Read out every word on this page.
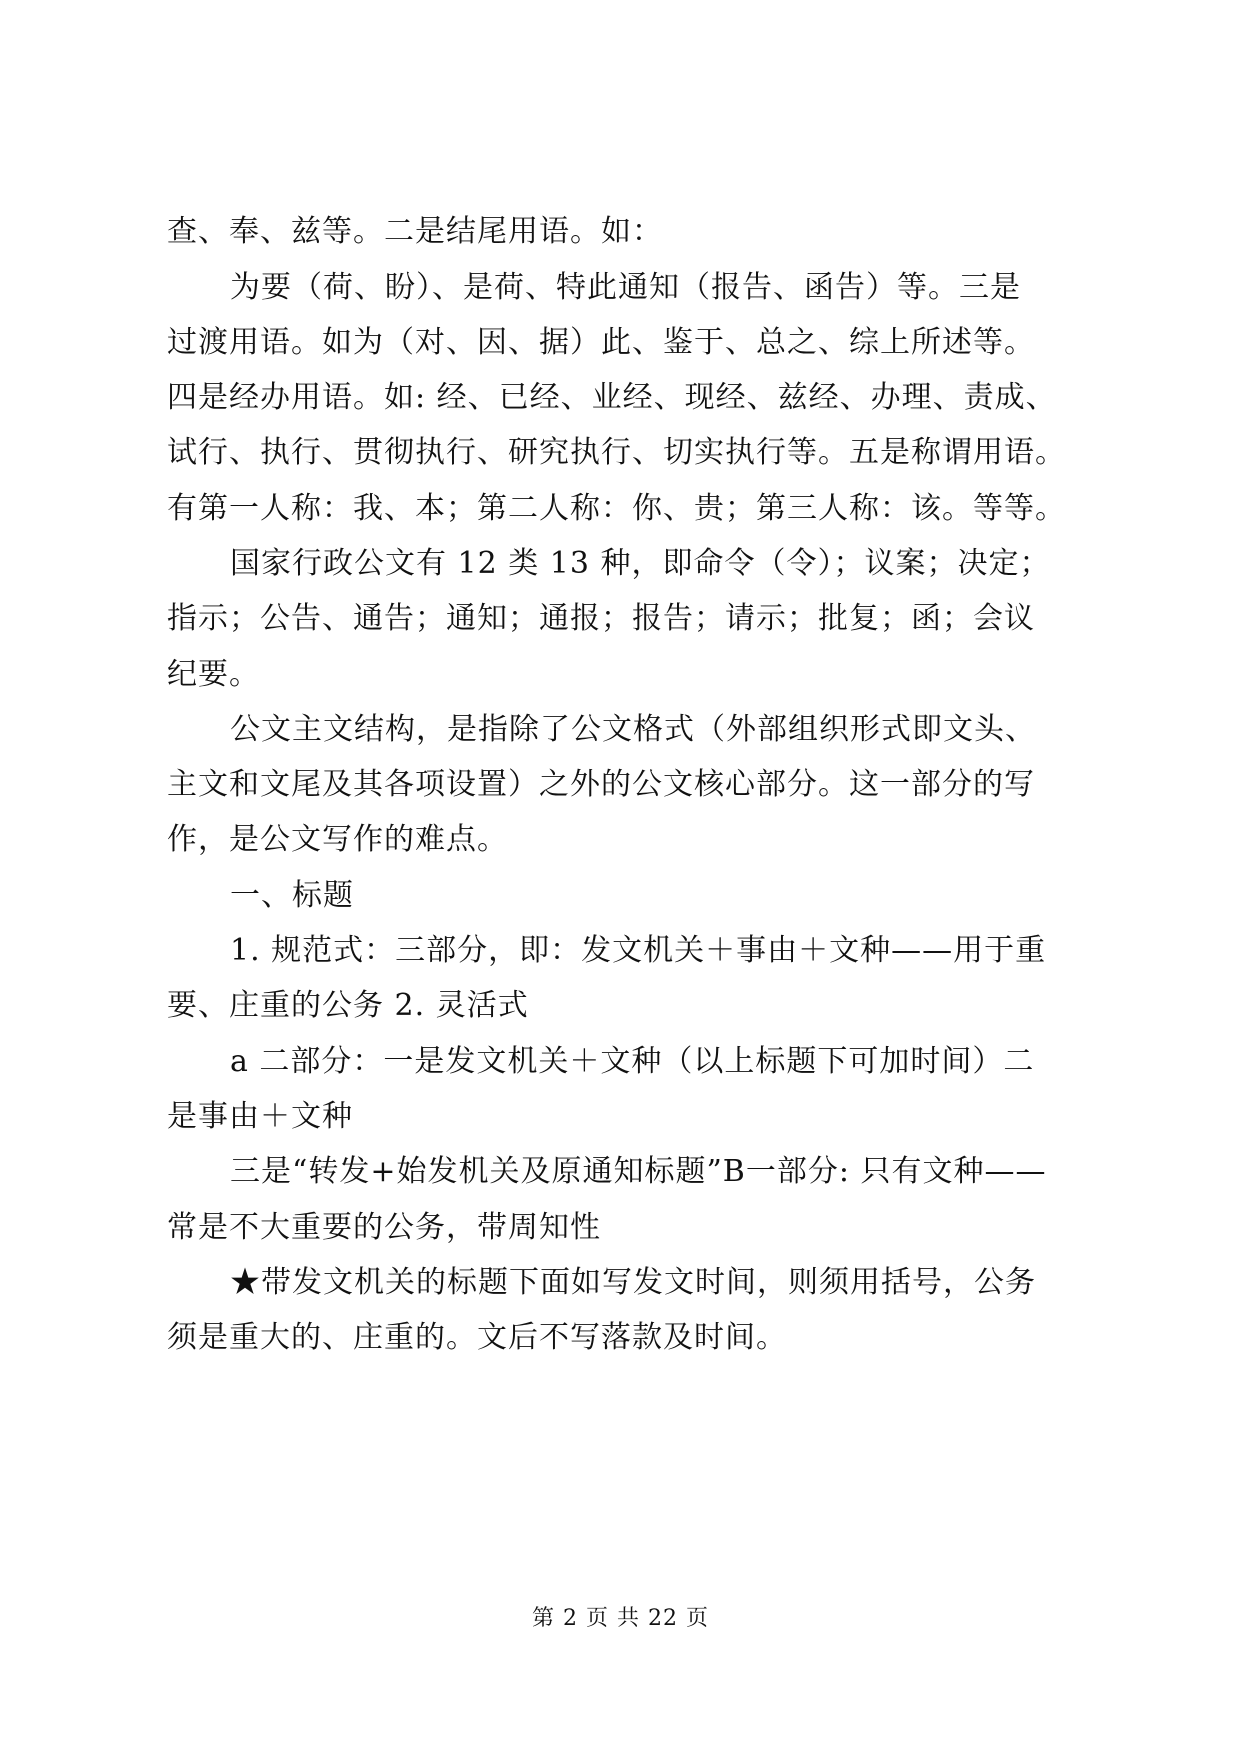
查、奉、兹等。二是结尾用语。如：
为要（荷、盼）、是荷、特此通知（报告、函告）等。三是
过渡用语。如为（对、因、据）此、鉴于、总之、综上所述等。
四是经办用语。如: 经、已经、业经、现经、兹经、办理、责成、
试行、执行、贯彻执行、研究执行、切实执行等。五是称谓用语。
有第一人称：我、本；第二人称：你、贵；第三人称：该。等等。
国家行政公文有 12 类 13 种，即命令（令）；议案；决定；
指示；公告、通告；通知；通报；报告；请示；批复；函；会议
纪要。
公文主文结构，是指除了公文格式（外部组织形式即文头、
主文和文尾及其各项设置）之外的公文核心部分。这一部分的写
作，是公文写作的难点。
一、标题
1. 规范式：三部分，即：发文机关＋事由＋文种——用于重
要、庄重的公务 2. 灵活式
a 二部分：一是发文机关＋文种（以上标题下可加时间）二
是事由＋文种
三是“转发+始发机关及原通知标题”B一部分: 只有文种——
常是不大重要的公务，带周知性
★带发文机关的标题下面如写发文时间，则须用括号，公务
须是重大的、庄重的。文后不写落款及时间。
第 2 页 共 22 页
